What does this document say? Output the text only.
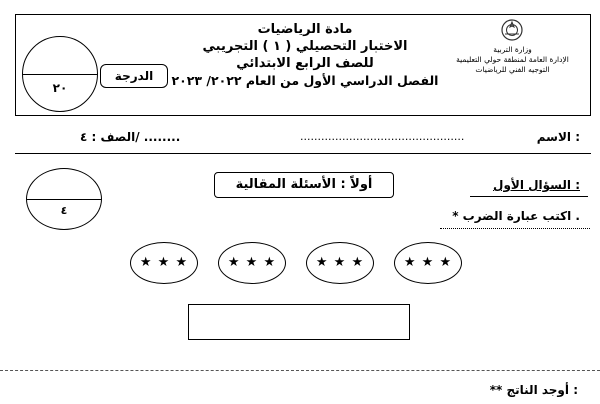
٢٠
الدرجة
مادة الرياضيات
الاختبار التحصيلي ( ١ ) التجريبي
للصف الرابع الابتدائي
الفصل الدراسي الأول من العام ٢٠٢٢/ ٢٠٢٣
وزارة التربية
الإدارة العامة لمنطقة حولي التعليمية
التوجيه الفني للرياضيات
الاسم :
...............................................
الصف : ٤/ ........
٤
أولاً : الأسئلة المقالية	السؤال الأول :
* اكتب عبارة الضرب .
★ ★ ★	★ ★ ★	★ ★ ★	★ ★ ★
** أوجد الناتج :
